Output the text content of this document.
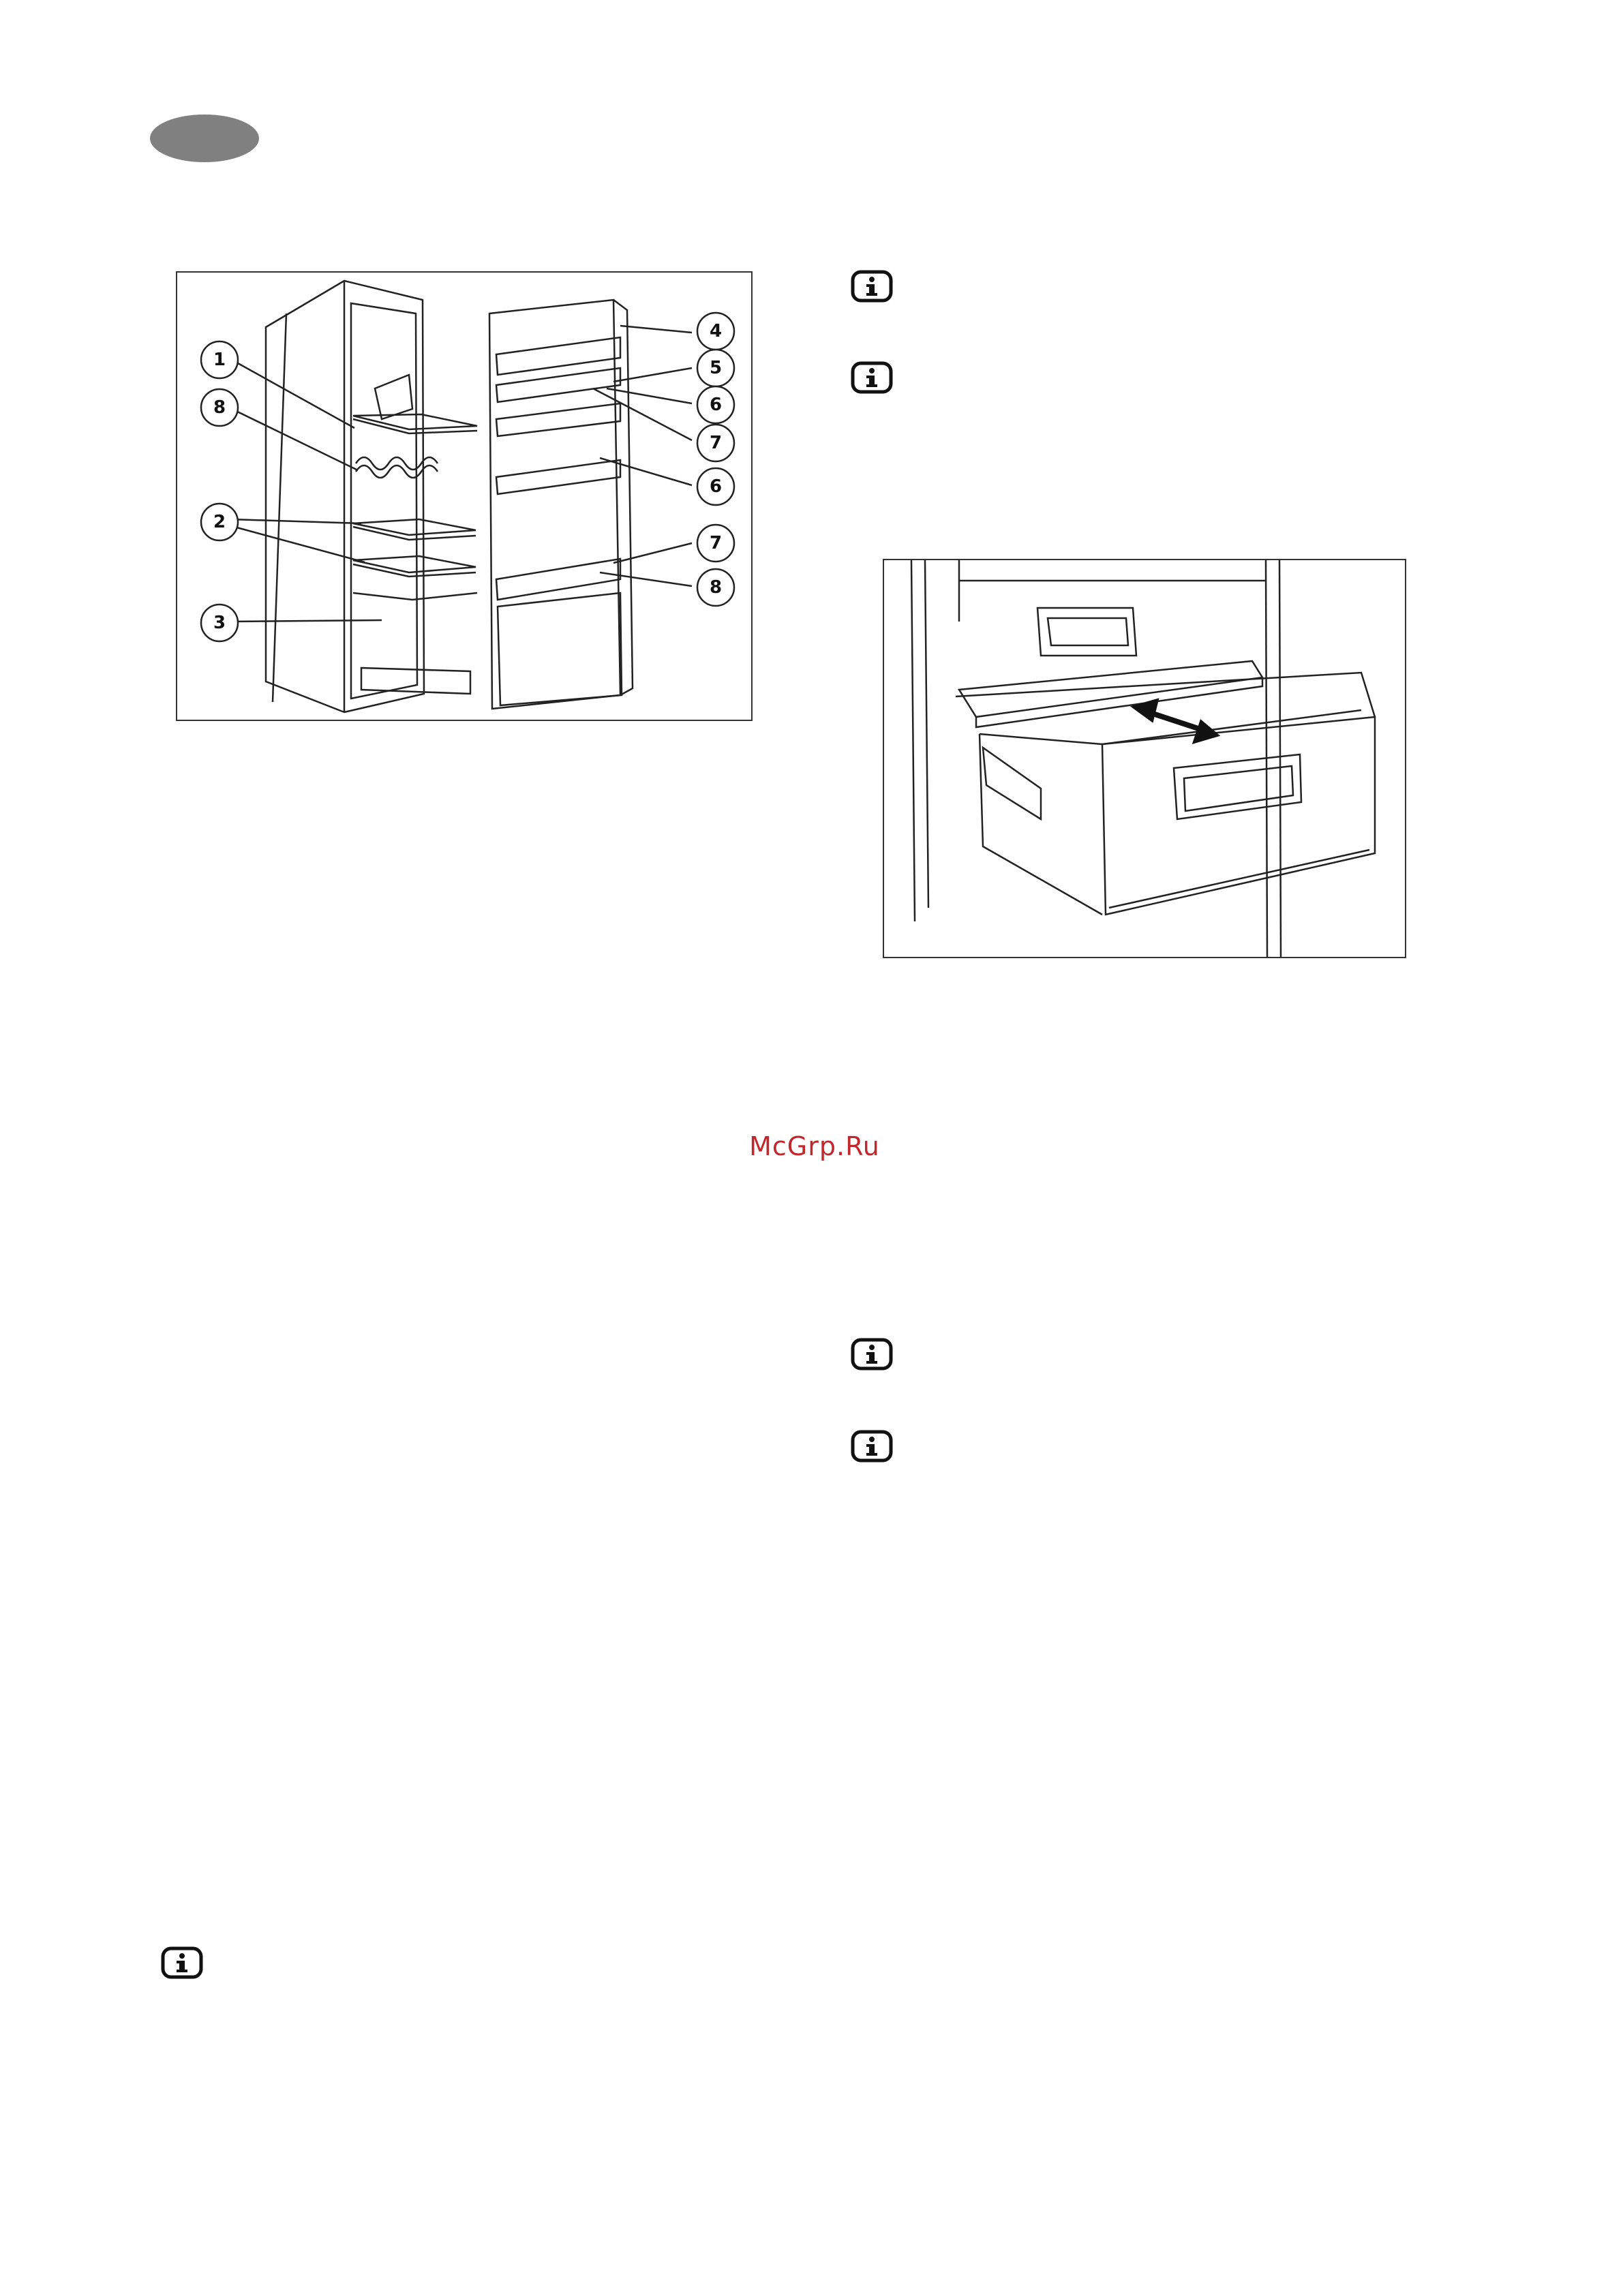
1
8
2
3
4
5
6
7
6
7
8
McGrp.Ru
